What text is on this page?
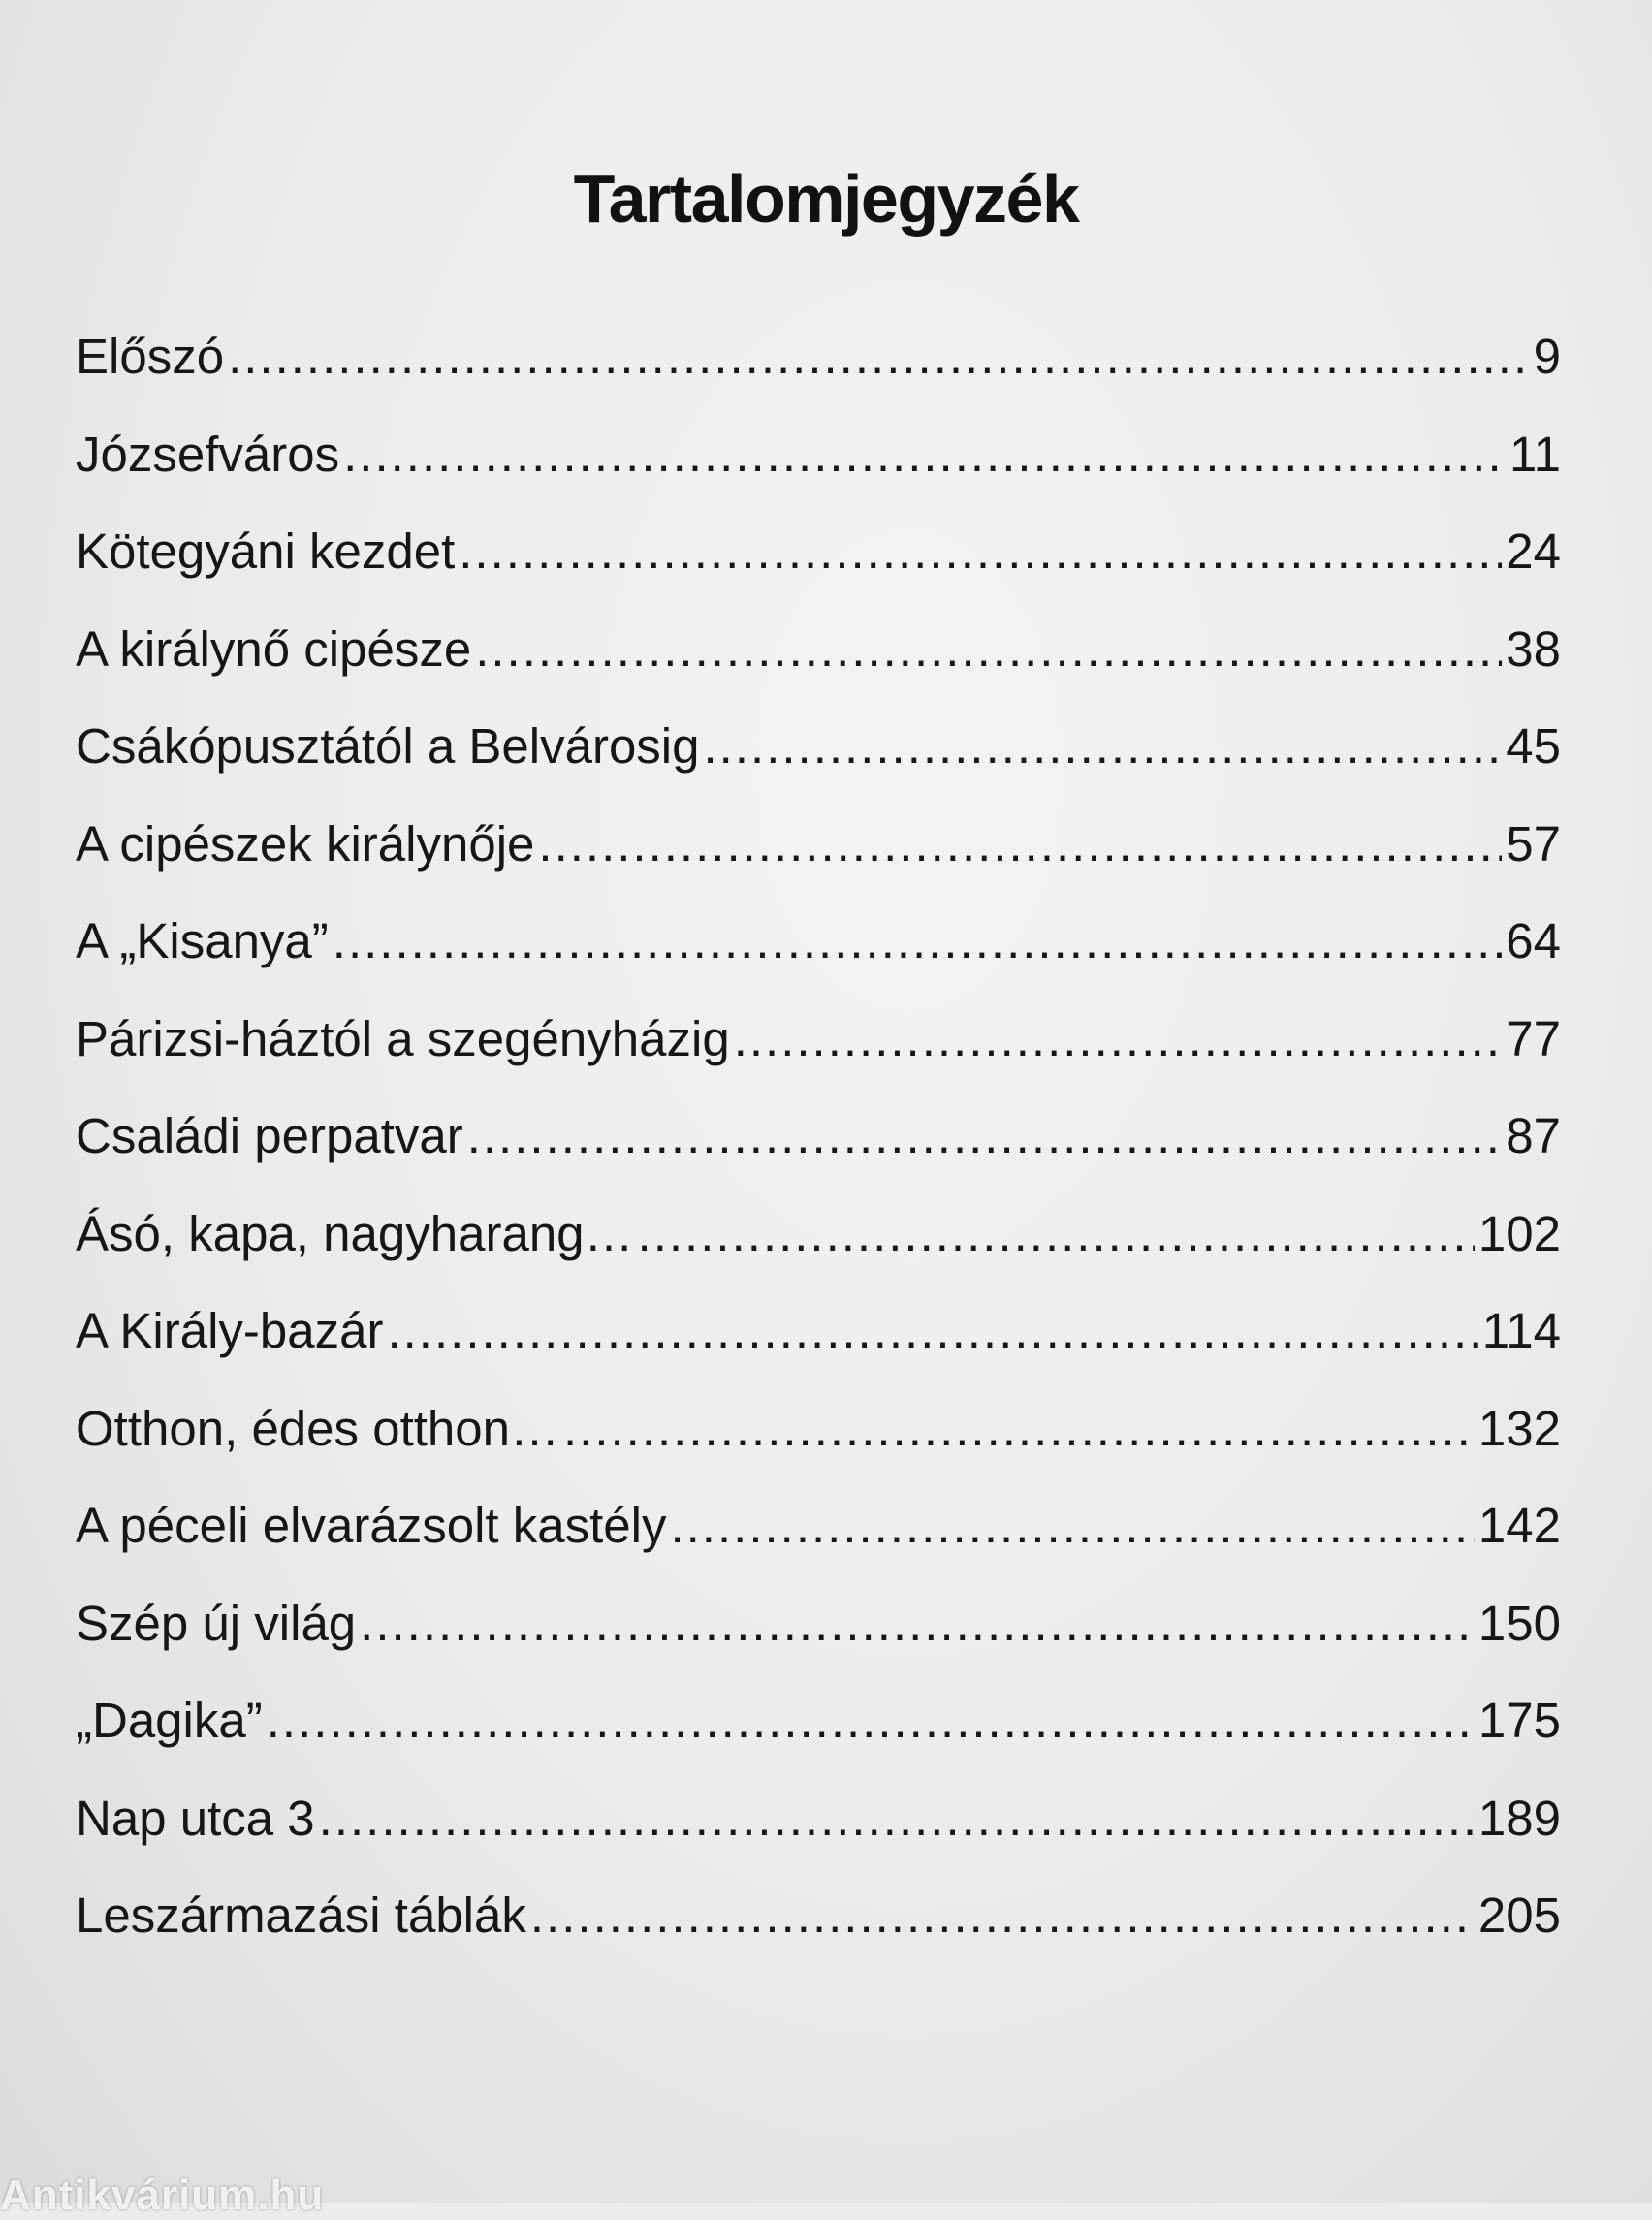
Tartalomjegyzék
Előszó .....	9
Józsefváros .....	11
Kötegyáni kezdet .....	24
A királynő cipésze .....	38
Csákópusztától a Belvárosig .....	45
A cipészek királynője .....	57
A „Kisanya” .....	64
Párizsi-háztól a szegényházig .....	77
Családi perpatvar .....	87
Ásó, kapa, nagyharang… .....	102
A Király-bazár .....	114
Otthon, édes otthon… .....	132
A péceli elvarázsolt kastély .....	142
Szép új világ .....	150
„Dagika” .....	175
Nap utca 3 .....	189
Leszármazási táblák .....	205
Antikvárium.hu
